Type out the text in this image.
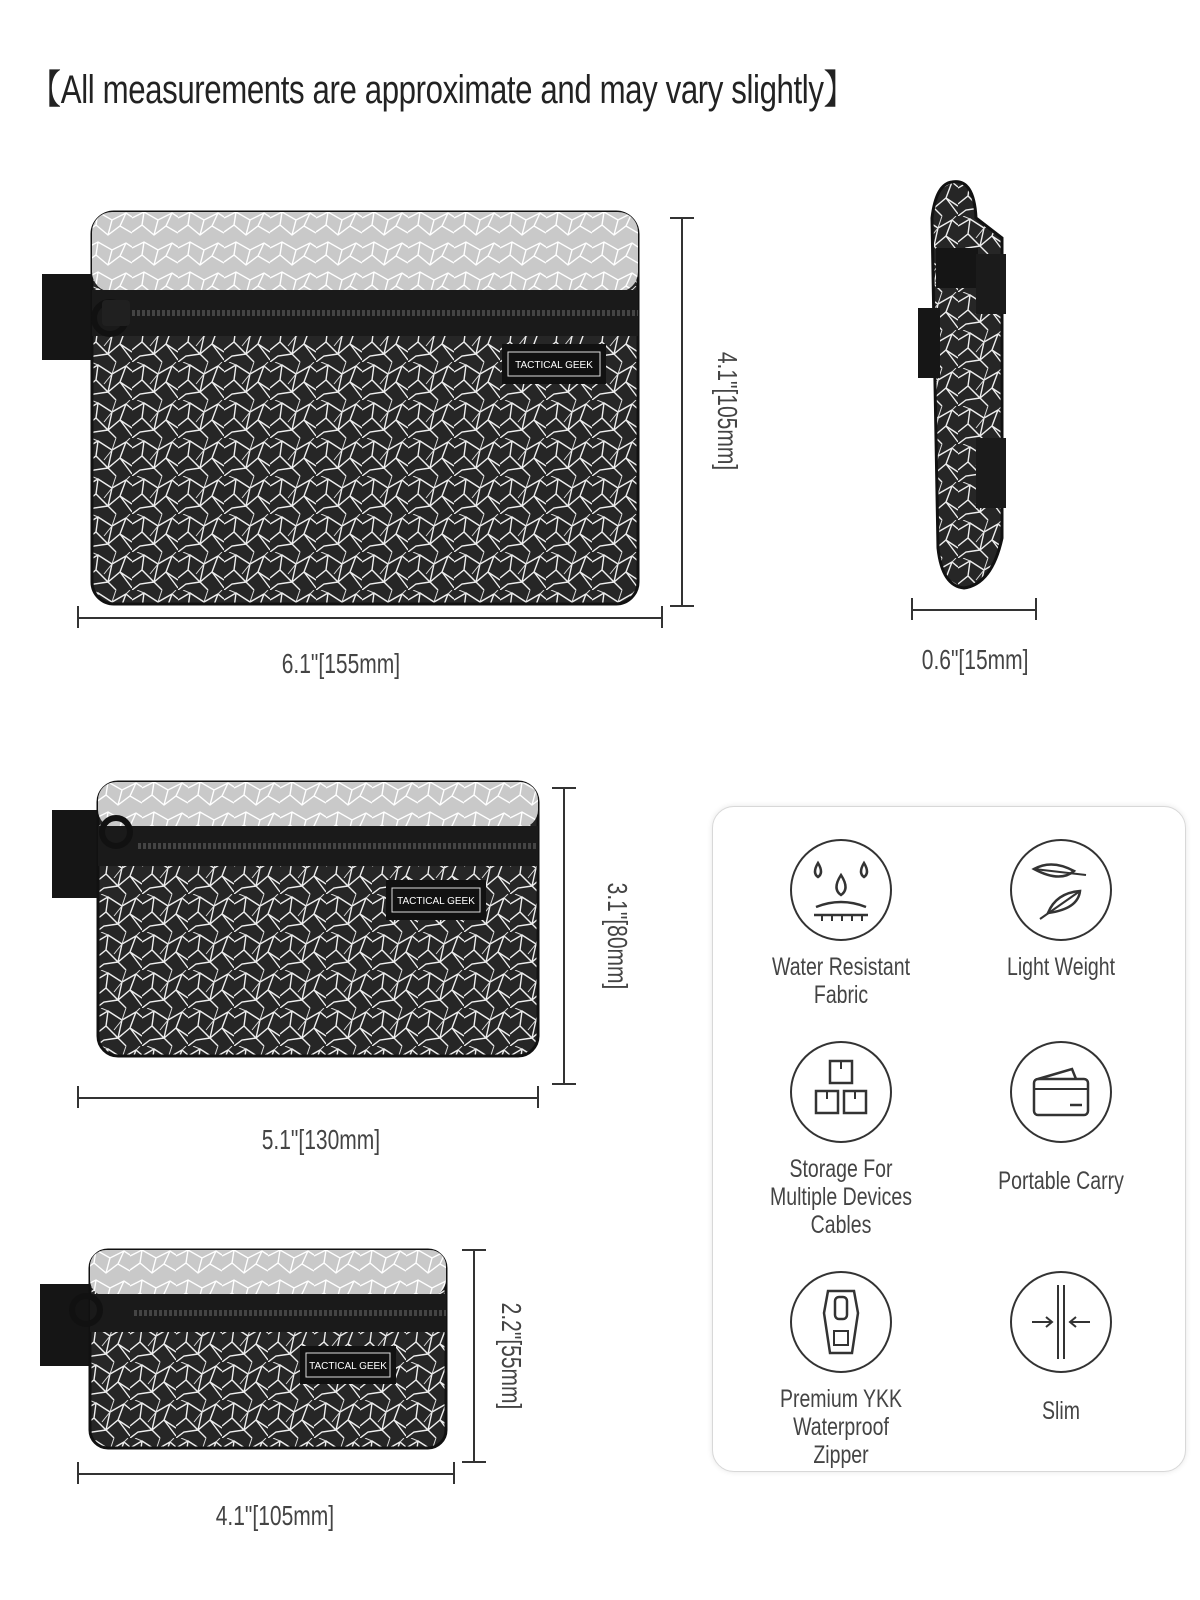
【All measurements are approximate and may vary slightly】
TACTICAL GEEK
6.1"[155mm]
4.1"[105mm]
0.6"[15mm]
TACTICAL GEEK
5.1"[130mm]
3.1"[80mm]
TACTICAL GEEK
4.1"[105mm]
2.2"[55mm]
Water Resistant Fabric
Light Weight
Storage For Multiple Devices Cables
Portable Carry
Premium YKK Waterproof Zipper
Slim
